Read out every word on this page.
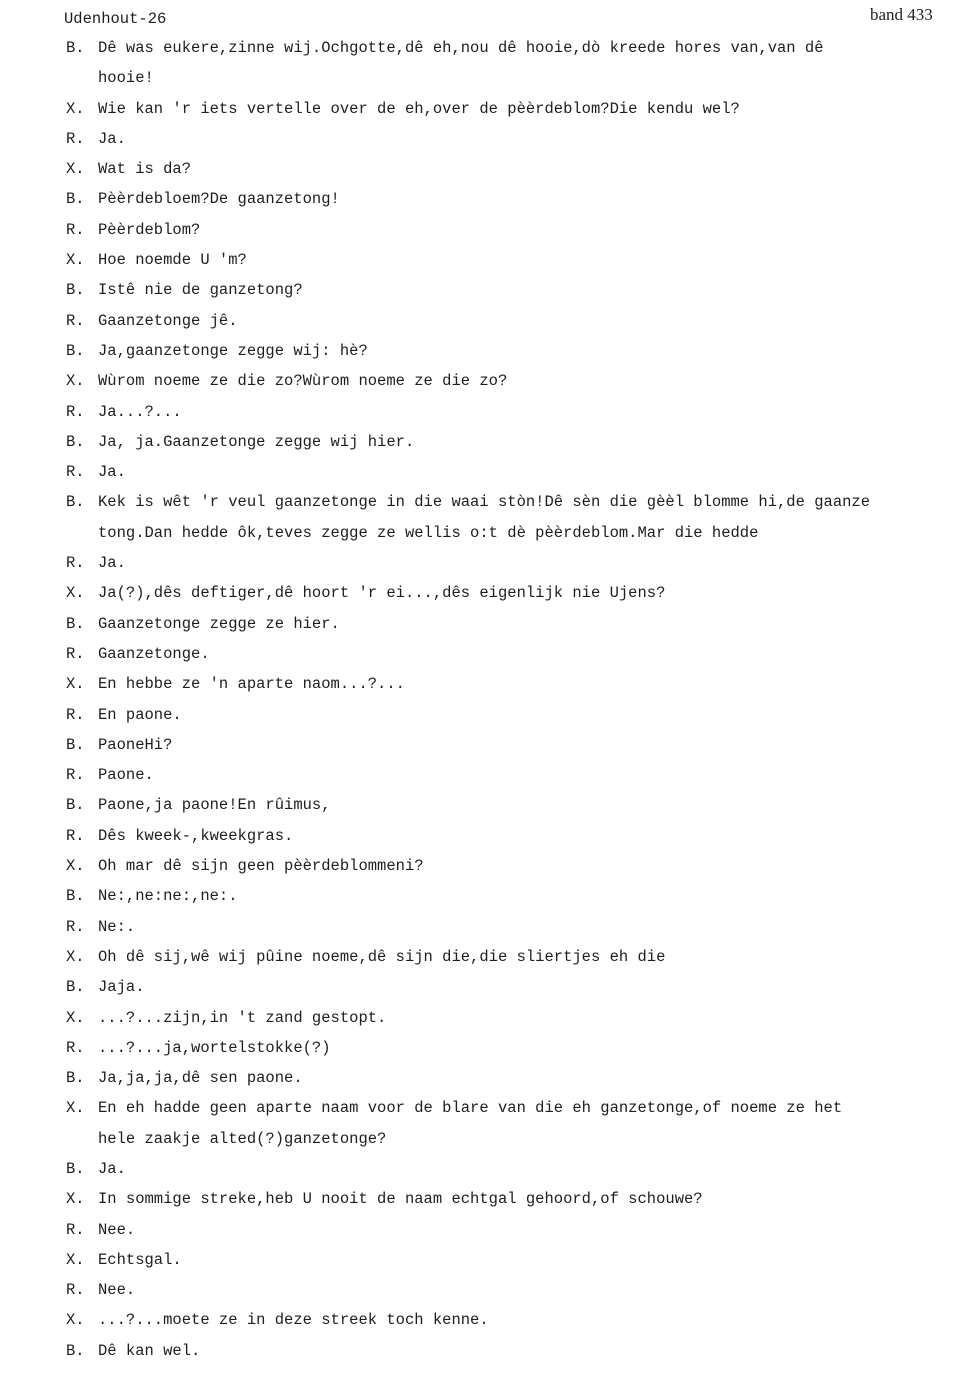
Udenhout-26	band 433
B. Dê was eukere,zinne wij.Ochgotte,dê eh,nou dê hooie,dò kreede hores van,van dê
hooie!
X. Wie kan 'r iets vertelle over de eh,over de pèèrdeblom?Die kendu wel?
R. Ja.
X. Wat is da?
B. Pèèrdebloem?De gaanzetong!
R. Pèèrdeblom?
X. Hoe noemde U 'm?
B. Istê nie de ganzetong?
R. Gaanzetonge jê.
B. Ja,gaanzetonge zegge wij: hè?
X. Wùrom noeme ze die zo?Wùrom noeme ze die zo?
R. Ja...?...
B. Ja, ja.Gaanzetonge zegge wij hier.
R. Ja.
B. Kek is wêt 'r veul gaanzetonge in die waai stòn!Dê sèn die gèèl blomme hi,de gaanze
tong.Dan hedde ôk,teves zegge ze wellis o:t dè pèèrdeblom.Mar die hedde
R. Ja.
X. Ja(?),dês deftiger,dê hoort 'r ei...,dês eigenlijk nie Ujens?
B. Gaanzetonge zegge ze hier.
R. Gaanzetonge.
X. En hebbe ze 'n aparte naom...?...
R. En paone.
B. PaoneHi?
R. Paone.
B. Paone,ja paone!En rûimus,
R. Dês kweek-,kweekgras.
X. Oh mar dê sijn geen pèèrdeblommeni?
B. Ne:,ne:ne:,ne:.
R. Ne:.
X. Oh dê sij,wê wij pûine noeme,dê sijn die,die sliertjes eh die
B. Jaja.
X. ...?...zijn,in 't zand gestopt.
R. ...?...ja,wortelstokke(?)
B. Ja,ja,ja,dê sen paone.
X. En eh hadde geen aparte naam voor de blare van die eh ganzetonge,of noeme ze het
hele zaakje alted(?)ganzetonge?
B. Ja.
X. In sommige streke,heb U nooit de naam echtgal gehoord,of schouwe?
R. Nee.
X. Echtsgal.
R. Nee.
X. ...?...moete ze in deze streek toch kenne.
B. Dê kan wel.
